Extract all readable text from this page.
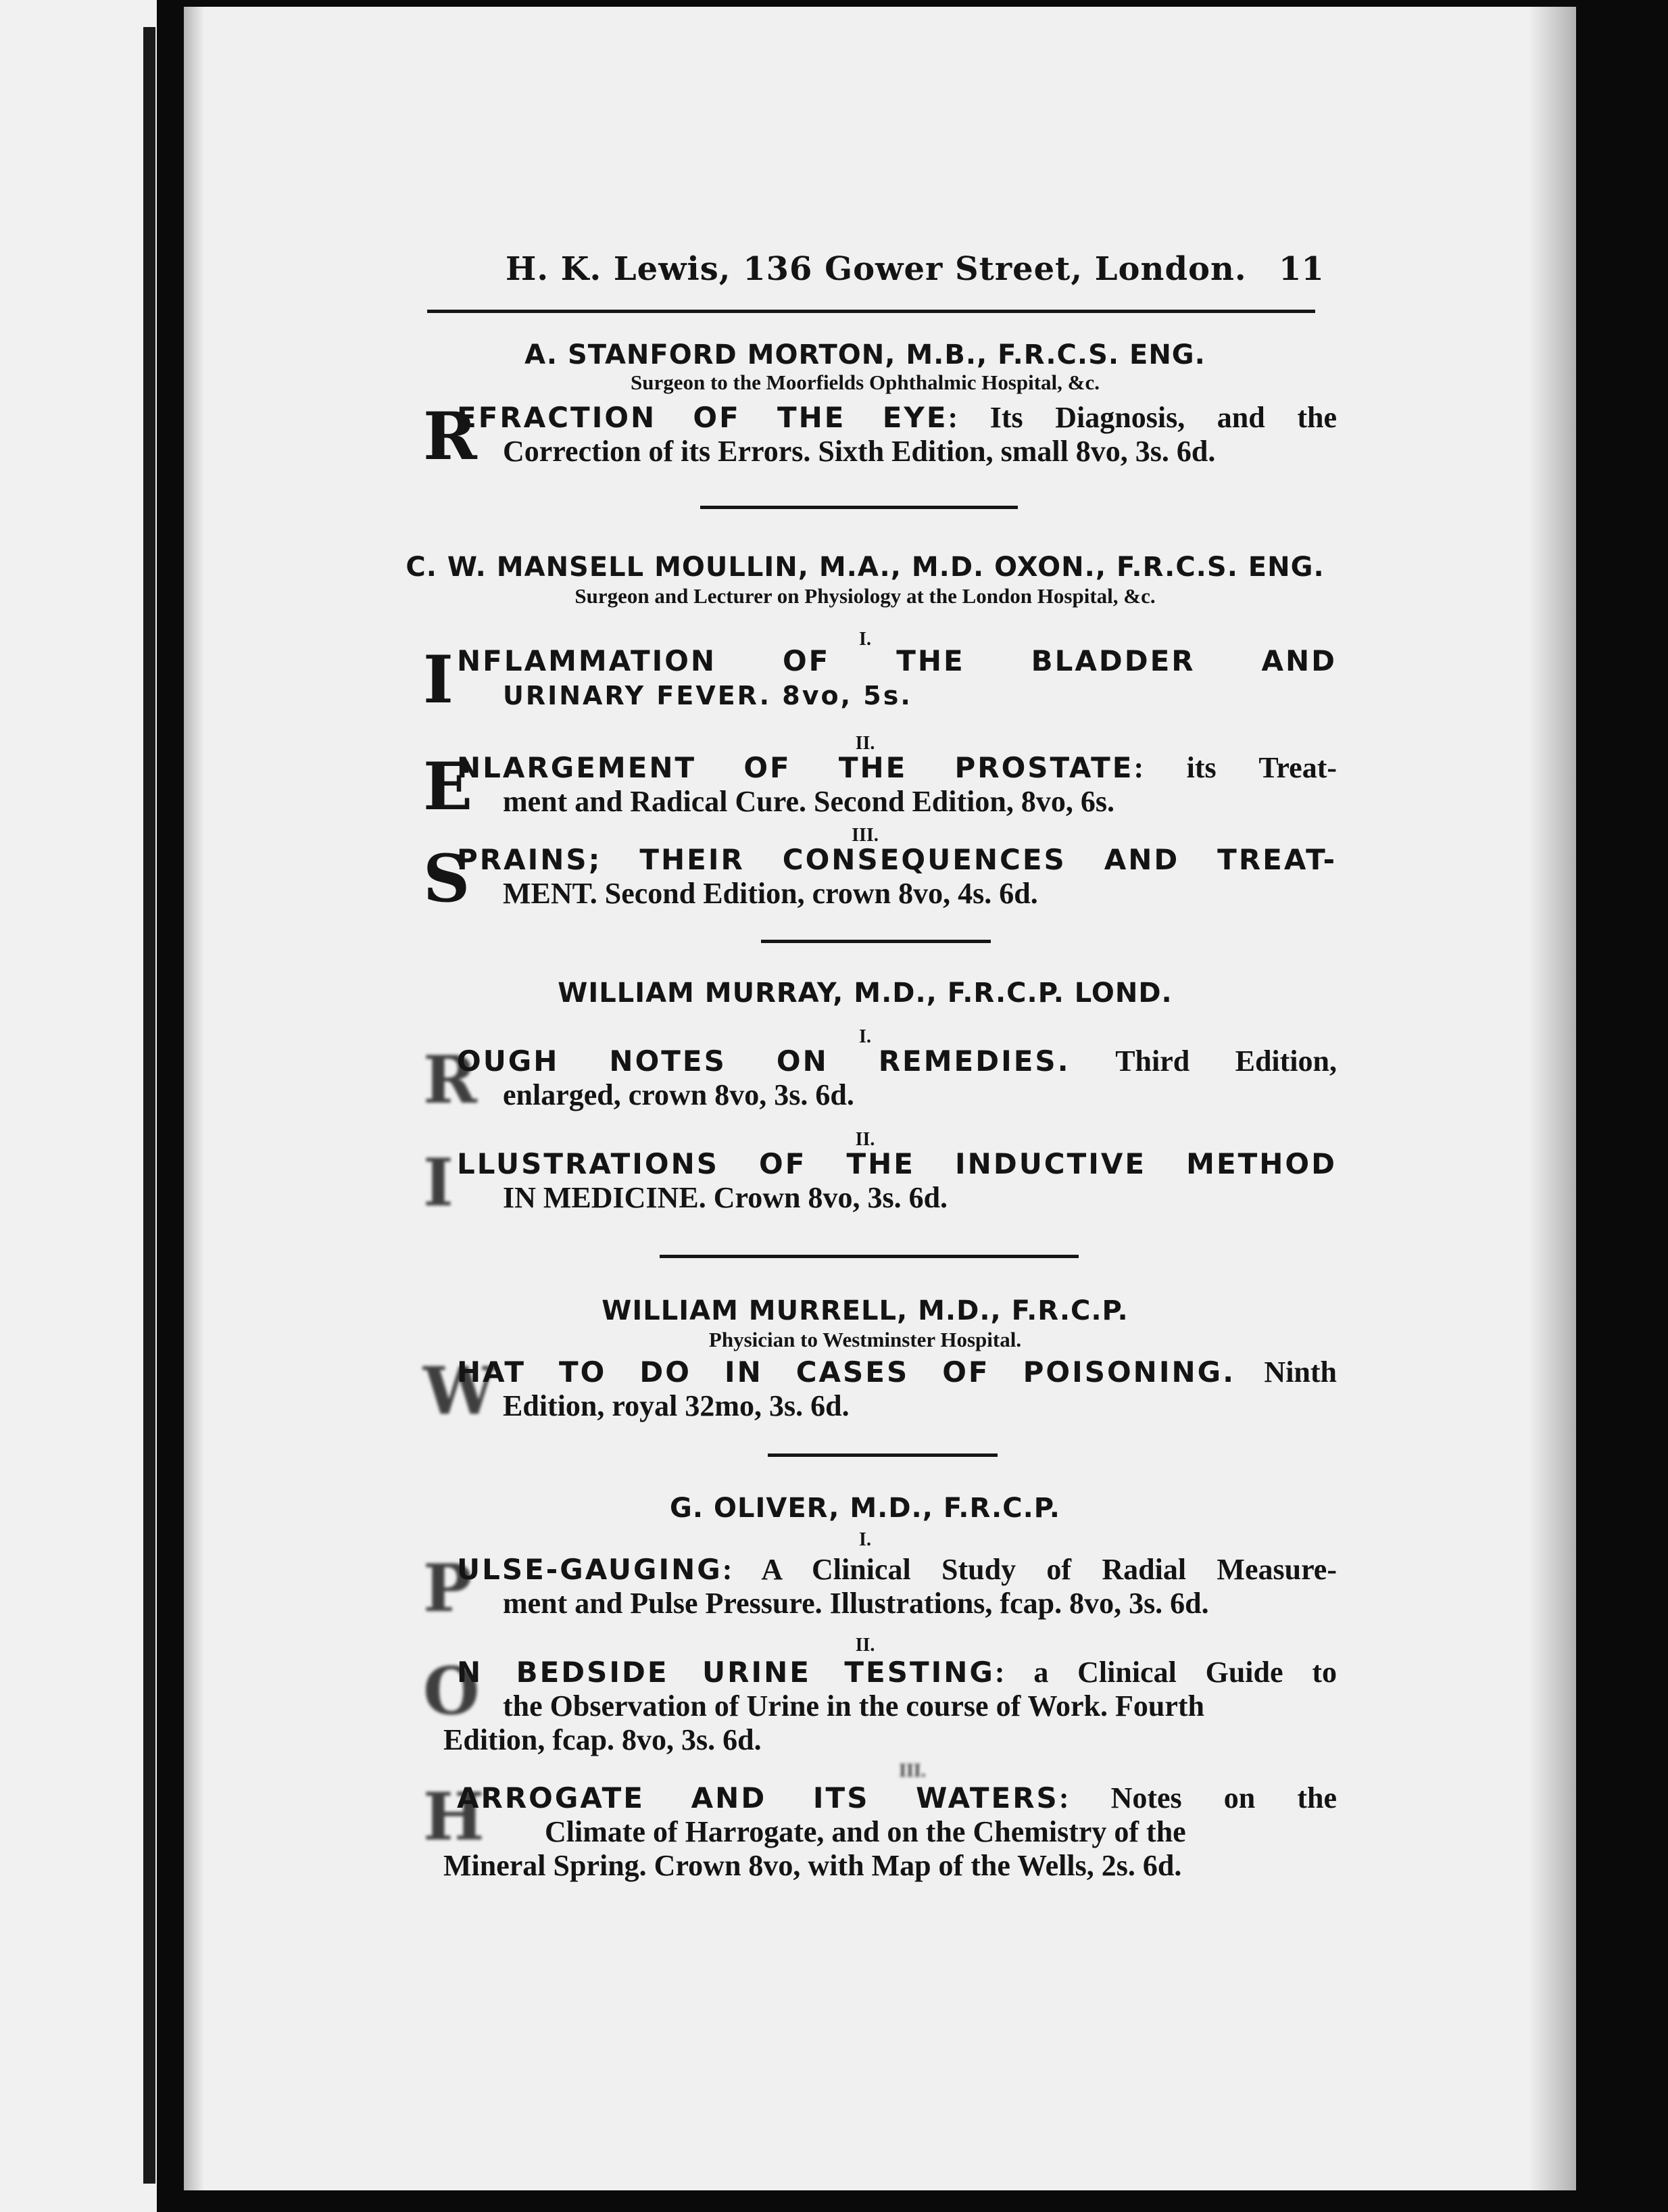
H. K. Lewis, 136 Gower Street, London. 11
A. STANFORD MORTON, M.B., F.R.C.S. ENG.
Surgeon to the Moorfields Ophthalmic Hospital, &c.
R
EFRACTION OF THE EYE: Its Diagnosis, and the
Correction of its Errors. Sixth Edition, small 8vo, 3s. 6d.
C. W. MANSELL MOULLIN, M.A., M.D. OXON., F.R.C.S. ENG.
Surgeon and Lecturer on Physiology at the London Hospital, &c.
I.
I NFLAMMATION OF THE BLADDER AND
URINARY FEVER. 8vo, 5s.
II.
E
NLARGEMENT OF THE PROSTATE: its Treat-
ment and Radical Cure. Second Edition, 8vo, 6s.
III.
S
PRAINS; THEIR CONSEQUENCES AND TREAT-
MENT. Second Edition, crown 8vo, 4s. 6d.
WILLIAM MURRAY, M.D., F.R.C.P. LOND.
I.
R
OUGH NOTES ON REMEDIES. Third Edition,
enlarged, crown 8vo, 3s. 6d.
II.
I LLUSTRATIONS OF THE INDUCTIVE METHOD
IN MEDICINE. Crown 8vo, 3s. 6d.
WILLIAM MURRELL, M.D., F.R.C.P.
Physician to Westminster Hospital.
W
HAT TO DO IN CASES OF POISONING. Ninth
Edition, royal 32mo, 3s. 6d.
G. OLIVER, M.D., F.R.C.P.
I.
P
ULSE-GAUGING: A Clinical Study of Radial Measure-
ment and Pulse Pressure. Illustrations, fcap. 8vo, 3s. 6d.
II.
O
N BEDSIDE URINE TESTING: a Clinical Guide to
the Observation of Urine in the course of Work. Fourth
Edition, fcap. 8vo, 3s. 6d.
III.
H
ARROGATE AND ITS WATERS: Notes on the
Climate of Harrogate, and on the Chemistry of the
Mineral Spring. Crown 8vo, with Map of the Wells, 2s. 6d.
